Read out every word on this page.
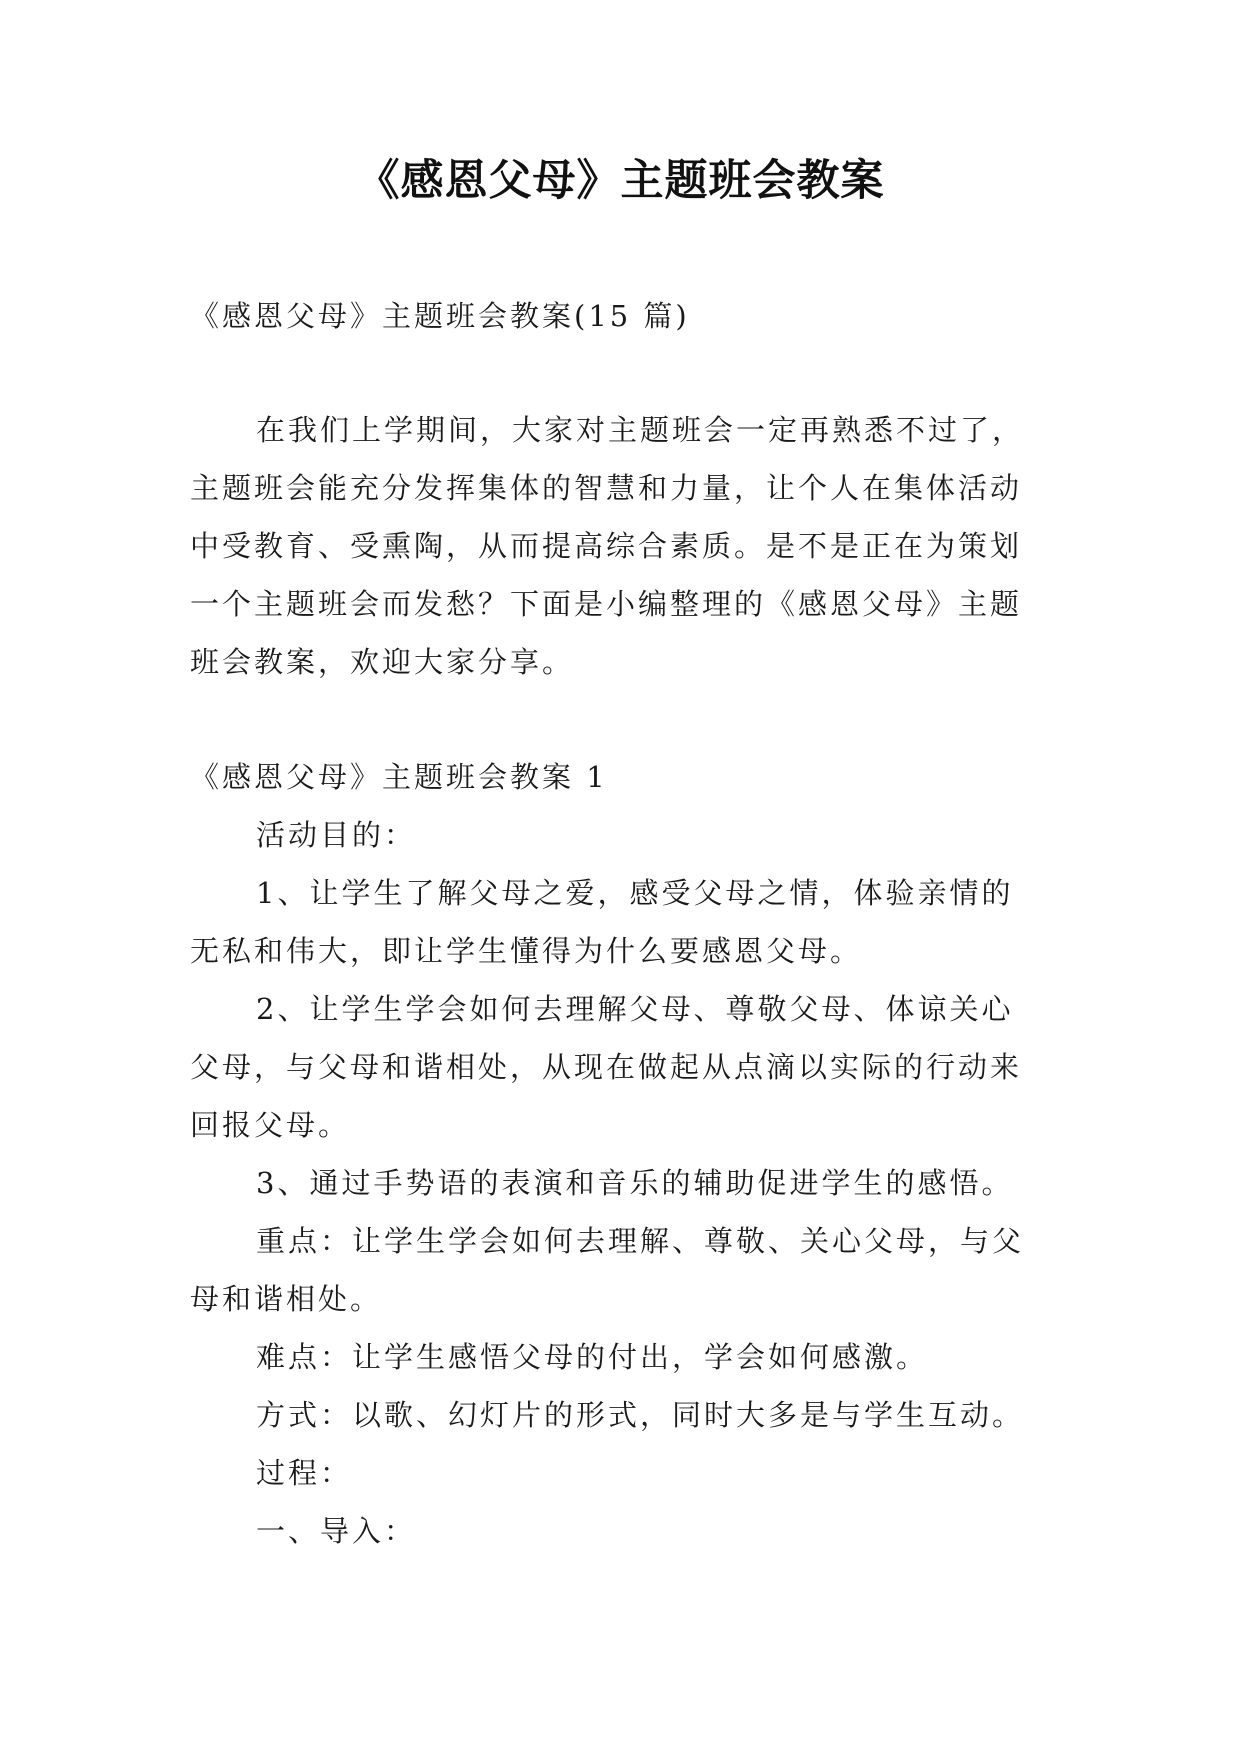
《感恩父母》主题班会教案
《感恩父母》主题班会教案(15 篇)
在我们上学期间，大家对主题班会一定再熟悉不过了，
主题班会能充分发挥集体的智慧和力量，让个人在集体活动
中受教育、受熏陶，从而提高综合素质。是不是正在为策划
一个主题班会而发愁？下面是小编整理的《感恩父母》主题
班会教案，欢迎大家分享。
《感恩父母》主题班会教案 1
活动目的：
1、让学生了解父母之爱，感受父母之情，体验亲情的
无私和伟大，即让学生懂得为什么要感恩父母。
2、让学生学会如何去理解父母、尊敬父母、体谅关心
父母，与父母和谐相处，从现在做起从点滴以实际的行动来
回报父母。
3、通过手势语的表演和音乐的辅助促进学生的感悟。
重点：让学生学会如何去理解、尊敬、关心父母，与父
母和谐相处。
难点：让学生感悟父母的付出，学会如何感激。
方式：以歌、幻灯片的形式，同时大多是与学生互动。
过程：
一、导入：
